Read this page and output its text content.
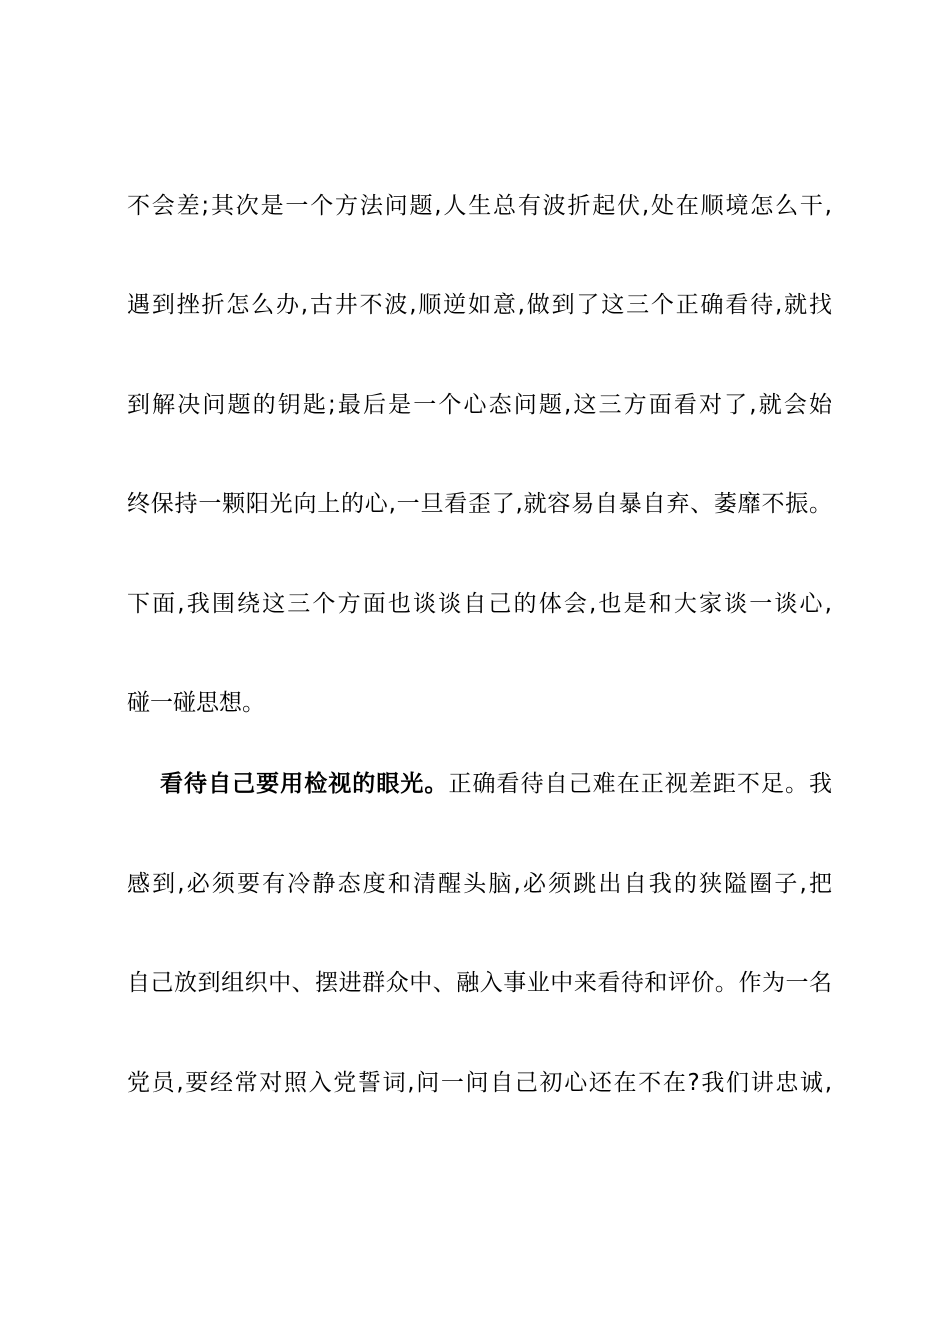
不会差;其次是一个方法问题,人生总有波折起伏,处在顺境怎么干,
遇到挫折怎么办,古井不波,顺逆如意,做到了这三个正确看待,就找
到解决问题的钥匙;最后是一个心态问题,这三方面看对了,就会始
终保持一颗阳光向上的心,一旦看歪了,就容易自暴自弃、萎靡不振。
下面,我围绕这三个方面也谈谈自己的体会,也是和大家谈一谈心,
碰一碰思想。
看待自己要用检视的眼光。正确看待自己难在正视差距不足。我
感到,必须要有冷静态度和清醒头脑,必须跳出自我的狭隘圈子,把
自己放到组织中、摆进群众中、融入事业中来看待和评价。作为一名
党员,要经常对照入党誓词,问一问自己初心还在不在?我们讲忠诚,
